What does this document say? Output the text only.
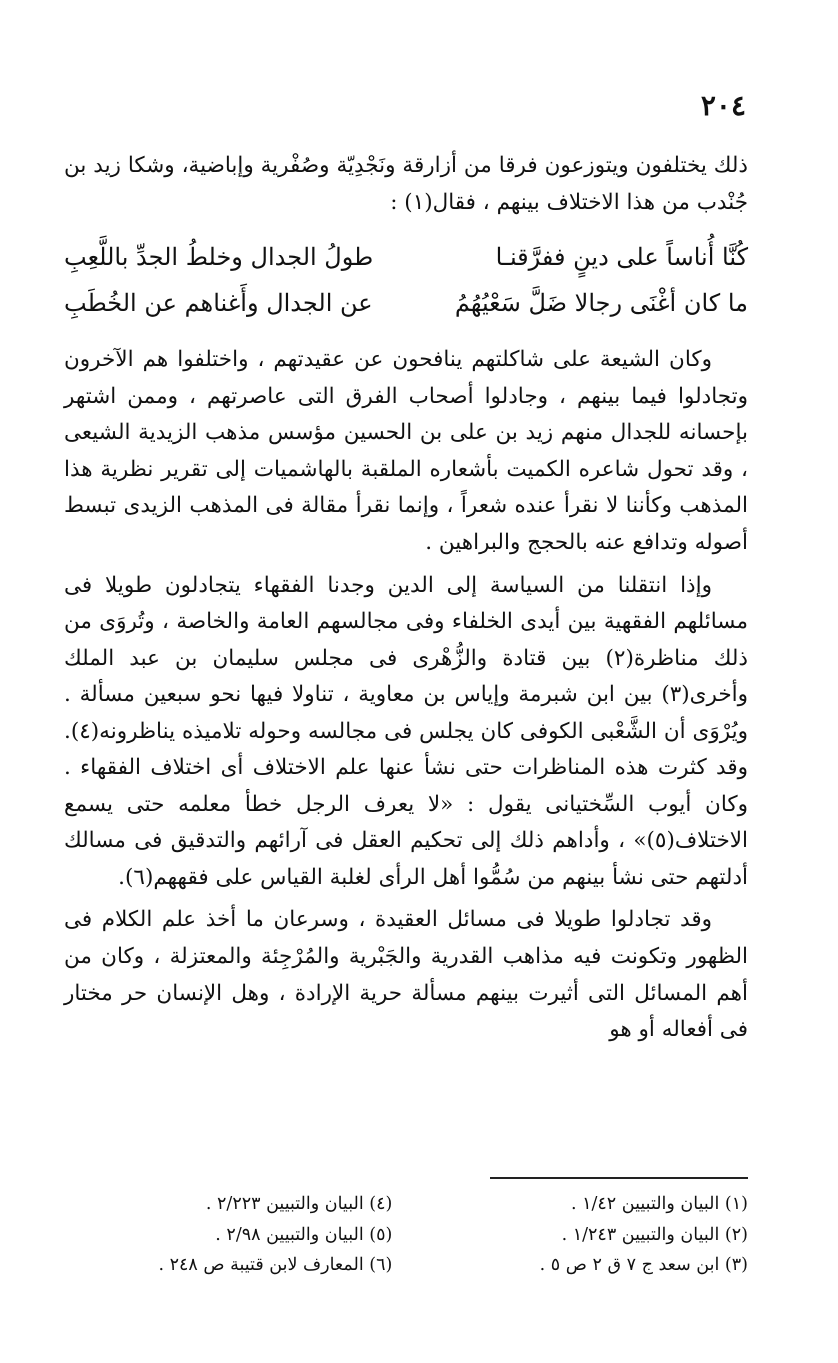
٢٠٤

ذلك يختلفون ويتوزعون فرقا من أزارقة ونَجْدِيّة وصُفْرية وإباضية، وشكا زيد بن جُنْدب من هذا الاختلاف بينهم ، فقال(١) :

كُنَّا أُناساً على دينٍ ففرَّقنـا
طولُ الجدال وخلطُ الجدِّ باللَّعِبِ
ما كان أغْنَى رجالا ضَلَّ سَعْيُهُمُ
عن الجدال وأَغناهم عن الخُطَبِ

وكان الشيعة على شاكلتهم ينافحون عن عقيدتهم ، واختلفوا هم الآخرون وتجادلوا فيما بينهم ، وجادلوا أصحاب الفرق التى عاصرتهم ، وممن اشتهر بإحسانه للجدال منهم زيد بن على بن الحسين مؤسس مذهب الزيدية الشيعى ، وقد تحول شاعره الكميت بأشعاره الملقبة بالهاشميات إلى تقرير نظرية هذا المذهب وكأننا لا نقرأ عنده شعراً ، وإنما نقرأ مقالة فى المذهب الزيدى تبسط أصوله وتدافع عنه بالحجج والبراهين .

وإذا انتقلنا من السياسة إلى الدين وجدنا الفقهاء يتجادلون طويلا فى مسائلهم الفقهية بين أيدى الخلفاء وفى مجالسهم العامة والخاصة ، وتُروَى من ذلك مناظرة(٢) بين قتادة والزُّهْرى فى مجلس سليمان بن عبد الملك وأخرى(٣) بين ابن شبرمة وإياس بن معاوية ، تناولا فيها نحو سبعين مسألة . ويُرْوَى أن الشَّعْبى الكوفى كان يجلس فى مجالسه وحوله تلاميذه يناظرونه(٤). وقد كثرت هذه المناظرات حتى نشأ عنها علم الاختلاف أى اختلاف الفقهاء . وكان أيوب السِّختيانى يقول : «لا يعرف الرجل خطأ معلمه حتى يسمع الاختلاف(٥)» ، وأداهم ذلك إلى تحكيم العقل فى آرائهم والتدقيق فى مسالك أدلتهم حتى نشأ بينهم من سُمُّوا أهل الرأى لغلبة القياس على فقههم(٦).

وقد تجادلوا طويلا فى مسائل العقيدة ، وسرعان ما أخذ علم الكلام فى الظهور وتكونت فيه مذاهب القدرية والجَبْرية والمُرْجِئة والمعتزلة ، وكان من أهم المسائل التى أثيرت بينهم مسألة حرية الإرادة ، وهل الإنسان حر مختار فى أفعاله أو هو

(١) البيان والتبيين ١/٤٢ .
(٢) البيان والتبيين ١/٢٤٣ .
(٣) ابن سعد ج ٧ ق ٢ ص ٥ .
(٤) البيان والتبيين ٢/٢٢٣ .
(٥) البيان والتبيين ٢/٩٨ .
(٦) المعارف لابن قتيبة ص ٢٤٨ .
